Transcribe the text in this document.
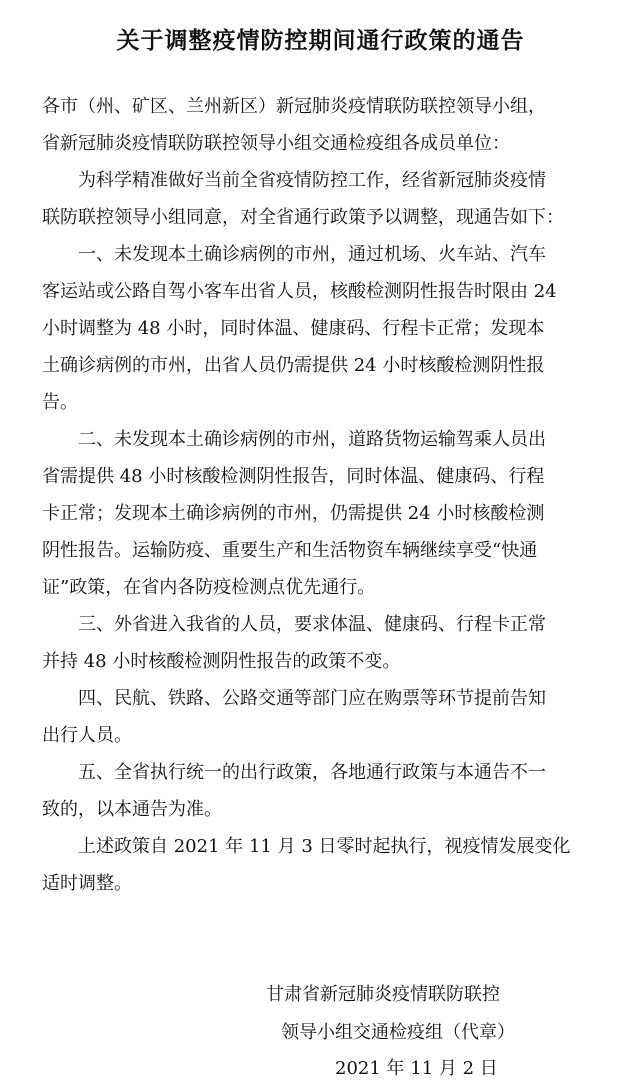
关于调整疫情防控期间通行政策的通告

各市（州、矿区、兰州新区）新冠肺炎疫情联防联控领导小组，

省新冠肺炎疫情联防联控领导小组交通检疫组各成员单位：

为科学精准做好当前全省疫情防控工作，经省新冠肺炎疫情

联防联控领导小组同意，对全省通行政策予以调整，现通告如下：

一、未发现本土确诊病例的市州，通过机场、火车站、汽车

客运站或公路自驾小客车出省人员，核酸检测阴性报告时限由 24

小时调整为 48 小时，同时体温、健康码、行程卡正常；发现本

土确诊病例的市州，出省人员仍需提供 24 小时核酸检测阴性报

告。

二、未发现本土确诊病例的市州，道路货物运输驾乘人员出

省需提供 48 小时核酸检测阴性报告，同时体温、健康码、行程

卡正常；发现本土确诊病例的市州，仍需提供 24 小时核酸检测

阴性报告。运输防疫、重要生产和生活物资车辆继续享受“快通

证”政策，在省内各防疫检测点优先通行。

三、外省进入我省的人员，要求体温、健康码、行程卡正常

并持 48 小时核酸检测阴性报告的政策不变。

四、民航、铁路、公路交通等部门应在购票等环节提前告知

出行人员。

五、全省执行统一的出行政策，各地通行政策与本通告不一

致的，以本通告为准。

上述政策自 2021 年 11 月 3 日零时起执行，视疫情发展变化

适时调整。

甘肃省新冠肺炎疫情联防联控

领导小组交通检疫组（代章）

2021 年 11 月 2 日
